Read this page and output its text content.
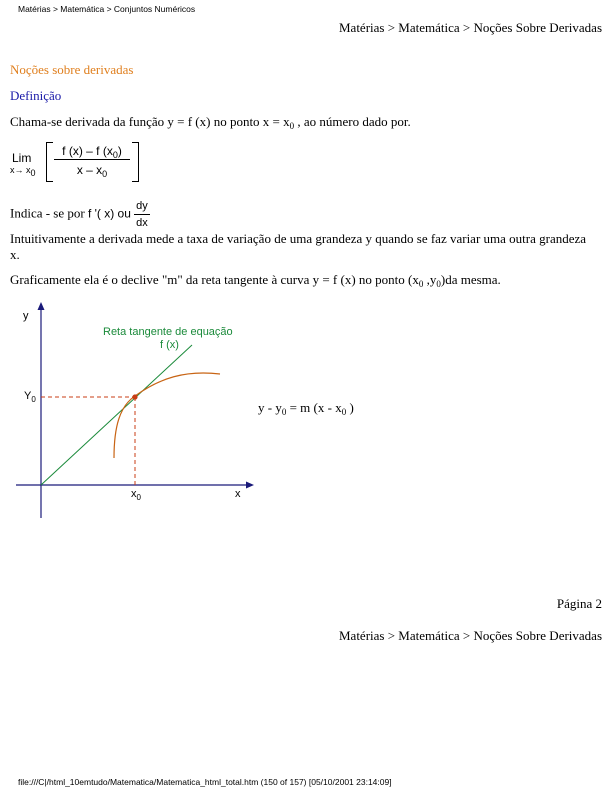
Matérias > Matemática > Conjuntos Numéricos
Matérias > Matemática > Noções Sobre Derivadas
Noções sobre derivadas
Definição
Chama-se derivada da função y = f (x) no ponto $x = x_0$ , ao número dado por.
Lim
$x\to x_0$
f (x) – f $(x_0)$
x – $x_0$
Indica - se por f '( x) ou $\frac{dy}{dx}$
Intuitivamente a derivada mede a taxa de variação de uma grandeza y quando se faz variar uma outra grandeza x.
Graficamente ela é o declive "m" da reta tangente à curva y = f (x) no ponto ($x_0$ $,y_0)da$ mesma.
y
x
Reta tangente de equação
f (x)
$Y_0$
$x_0$
$y - y_0 = m$ ($x - x_0$ )
Página 2
Matérias > Matemática > Noções Sobre Derivadas
file:///C|/html_10emtudo/Matematica/Matematica_html_total.htm (150 of 157) [05/10/2001 23:14:09]
